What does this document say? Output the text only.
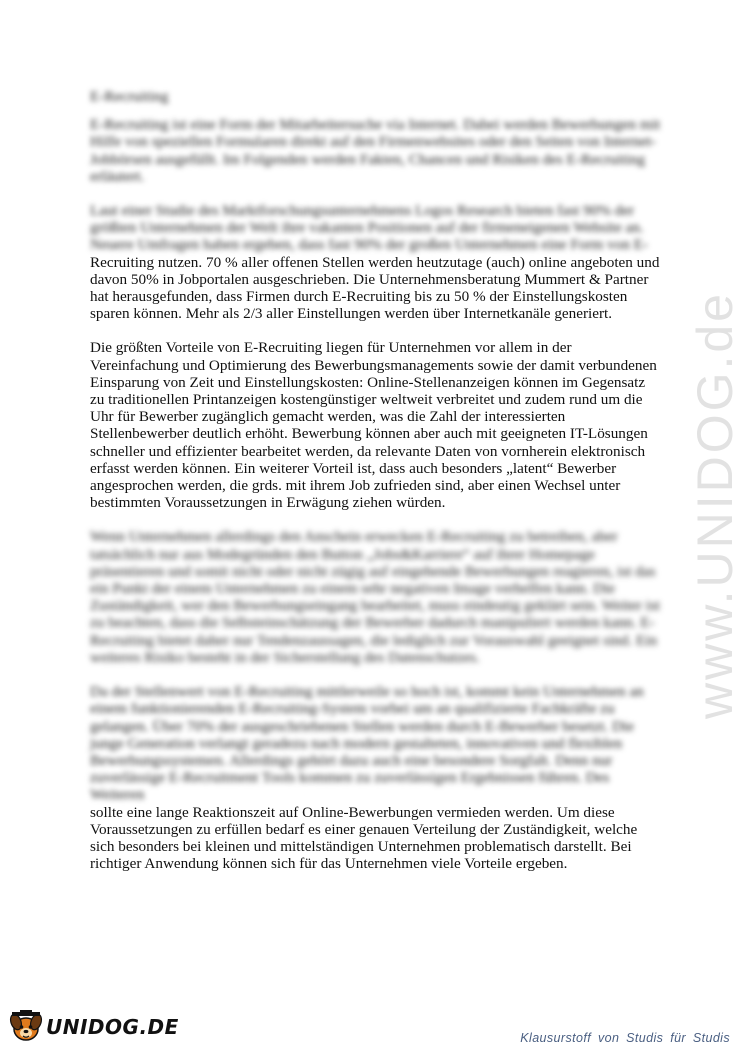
www.UNIDOG.de
E-Recruiting

E-Recruiting ist eine Form der Mitarbeitersuche via Internet. Dabei werden Bewerbungen mit Hilfe von speziellen Formularen direkt auf den Firmenwebsites oder den Seiten von Internet-Jobbörsen ausgefüllt. Im Folgenden werden Fakten, Chancen und Risiken des E-Recruiting erläutert.

Laut einer Studie des Marktforschungsunternehmens Logos Research bieten fast 90% der größten Unternehmen der Welt ihre vakanten Positionen auf der firmeneigenen Website an. Neuere Umfragen haben ergeben, dass fast 90% der großen Unternehmen eine Form von E-

Recruiting nutzen. 70 % aller offenen Stellen werden heutzutage (auch) online angeboten und davon 50% in Jobportalen ausgeschrieben. Die Unternehmensberatung Mummert & Partner hat herausgefunden, dass Firmen durch E-Recruiting bis zu 50 % der Einstellungskosten sparen können. Mehr als 2/3 aller Einstellungen werden über Internetkanäle generiert.

Die größten Vorteile von E-Recruiting liegen für Unternehmen vor allem in der Vereinfachung und Optimierung des Bewerbungsmanagements sowie der damit verbundenen Einsparung von Zeit und Einstellungskosten: Online-Stellenanzeigen können im Gegensatz zu traditionellen Printanzeigen kostengünstiger weltweit verbreitet und zudem rund um die Uhr für Bewerber zugänglich gemacht werden, was die Zahl der interessierten Stellenbewerber deutlich erhöht. Bewerbung können aber auch mit geeigneten IT-Lösungen schneller und effizienter bearbeitet werden, da relevante Daten von vornherein elektronisch erfasst werden können. Ein weiterer Vorteil ist, dass auch besonders „latent“ Bewerber angesprochen werden, die grds. mit ihrem Job zufrieden sind, aber einen Wechsel unter bestimmten Voraussetzungen in Erwägung ziehen würden.

Wenn Unternehmen allerdings den Anschein erwecken E-Recruiting zu betreiben, aber tatsächlich nur aus Modegründen den Button „Jobs&Karriere“ auf ihrer Homepage präsentieren und somit nicht oder nicht zügig auf eingehende Bewerbungen reagieren, ist das ein Punkt der einem Unternehmen zu einem sehr negativen Image verhelfen kann. Die Zuständigkeit, wer den Bewerbungseingang bearbeitet, muss eindeutig geklärt sein. Weiter ist zu beachten, dass die Selbsteinschätzung der Bewerber dadurch manipuliert werden kann. E-Recruiting bietet daher nur Tendenzaussagen, die lediglich zur Vorauswahl geeignet sind. Ein weiteres Risiko besteht in der Sicherstellung des Datenschutzes.

Da der Stellenwert von E-Recruiting mittlerweile so hoch ist, kommt kein Unternehmen an einem funktionierenden E-Recruiting-System vorbei um an qualifizierte Fachkräfte zu gelangen. Über 70% der ausgeschriebenen Stellen werden durch E-Bewerber besetzt. Die junge Generation verlangt geradezu nach modern gestalteten, innovativen und flexiblen Bewerbungssystemen. Allerdings gehört dazu auch eine besondere Sorgfalt. Denn nur zuverlässige E-Recruitment Tools kommen zu zuverlässigen Ergebnissen führen. Des Weiteren

sollte eine lange Reaktionszeit auf Online-Bewerbungen vermieden werden. Um diese Voraussetzungen zu erfüllen bedarf es einer genauen Verteilung der Zuständigkeit, welche sich besonders bei kleinen und mittelständigen Unternehmen problematisch darstellt. Bei richtiger Anwendung können sich für das Unternehmen viele Vorteile ergeben.

UNIDOG.DE	Klausurstoff von Studis für Studis
